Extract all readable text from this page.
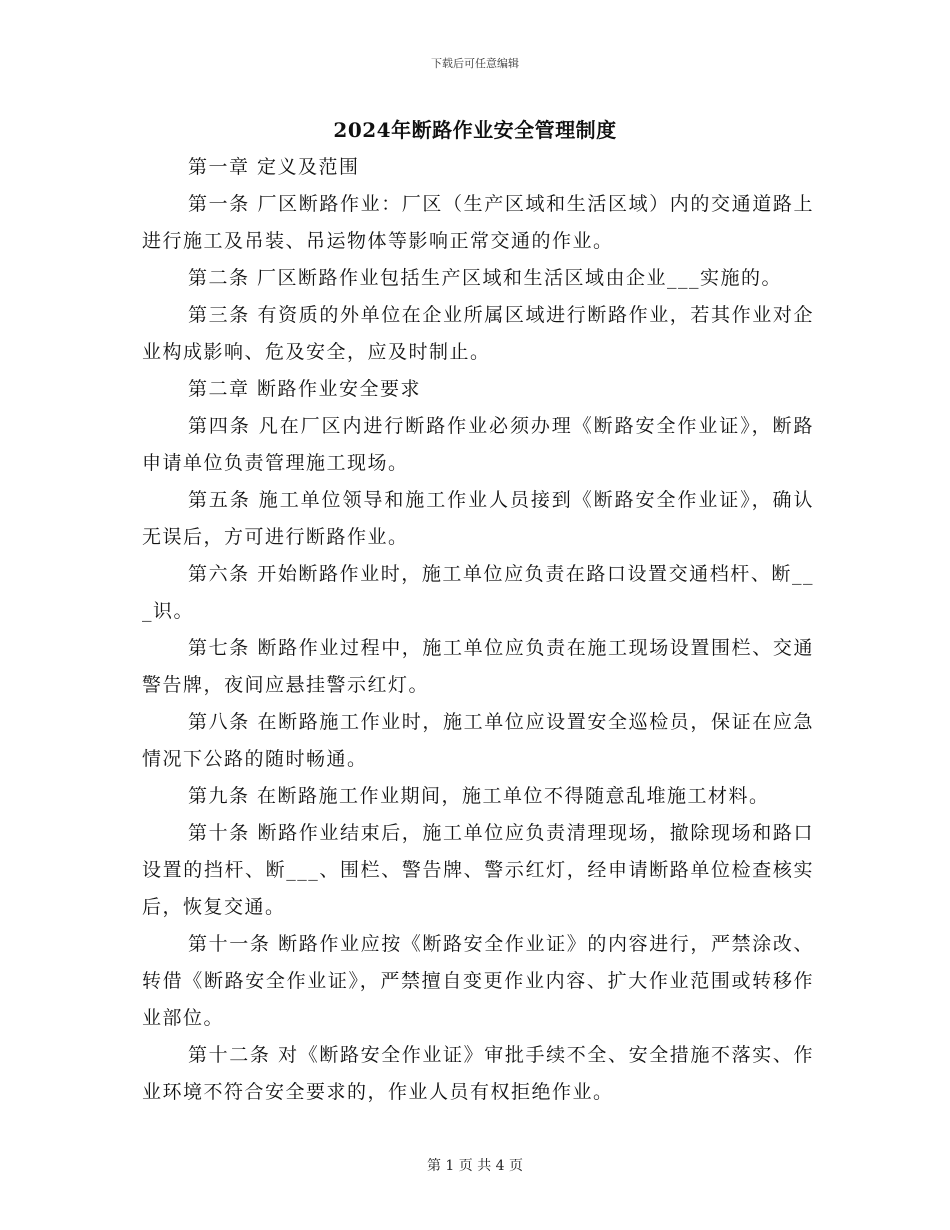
下载后可任意编辑
2024年断路作业安全管理制度

第一章 定义及范围

第一条 厂区断路作业：厂区（生产区域和生活区域）内的交通道路上进行施工及吊装、吊运物体等影响正常交通的作业。

第二条 厂区断路作业包括生产区域和生活区域由企业___实施的。

第三条 有资质的外单位在企业所属区域进行断路作业，若其作业对企业构成影响、危及安全，应及时制止。

第二章 断路作业安全要求

第四条 凡在厂区内进行断路作业必须办理《断路安全作业证》，断路申请单位负责管理施工现场。

第五条 施工单位领导和施工作业人员接到《断路安全作业证》，确认无误后，方可进行断路作业。

第六条 开始断路作业时，施工单位应负责在路口设置交通档杆、断___识。

第七条 断路作业过程中，施工单位应负责在施工现场设置围栏、交通警告牌，夜间应悬挂警示红灯。

第八条 在断路施工作业时，施工单位应设置安全巡检员，保证在应急情况下公路的随时畅通。

第九条 在断路施工作业期间，施工单位不得随意乱堆施工材料。

第十条 断路作业结束后，施工单位应负责清理现场，撤除现场和路口设置的挡杆、断___、围栏、警告牌、警示红灯，经申请断路单位检查核实后，恢复交通。

第十一条 断路作业应按《断路安全作业证》的内容进行，严禁涂改、转借《断路安全作业证》，严禁擅自变更作业内容、扩大作业范围或转移作业部位。

第十二条 对《断路安全作业证》审批手续不全、安全措施不落实、作业环境不符合安全要求的，作业人员有权拒绝作业。

第 1 页 共 4 页
